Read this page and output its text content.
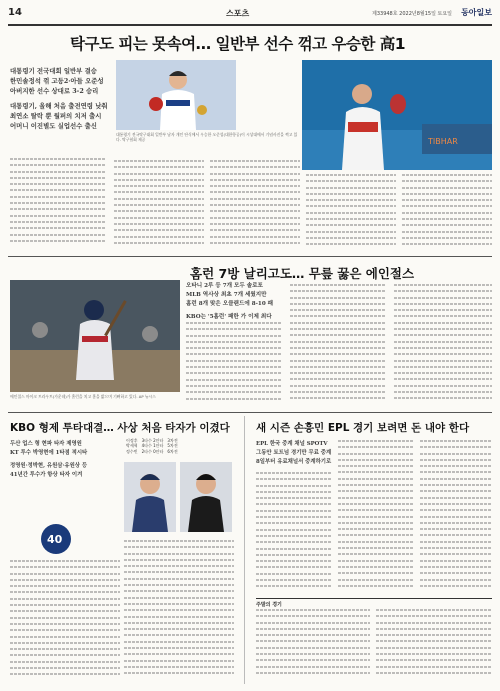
14	스포츠	제33948호 2022년8월15일 토요일 동아일보
탁구도 피는 못속여… 일반부 선수 꺾고 우승한 高1
대통령기 전국대회 일반부 결승
한민솔정석 꺾 고등2·아들 오준성
아버지한 선수 상대로 3-2 승리
대통령기, 올해 처음 출전연령 낮춰
최연소 탈락 뿐 월퍼의 치저 출시
어머니 이진별도 실업선수 출신
TIBHAR
대통령기 전국탁구대회 일반부 남자 개인 단식에서 우승한 오준성(대한항공)이 시상대에서 기념사진을 찍고 있다. 탁구협회 제공
홈런 7방 날리고도… 무릎 꿇은 에인절스
에인절스 마이크 트라우트(가운데)가 홈런을 치고 홈을 밟으며 기뻐하고 있다. AP 뉴시스
오타니 2루 등 7개 모두 솔로포
MLB 역사상 최초 7개 세웠지만
홈런 8개 맞은 오클랜드에 8-10 패
KBO는 '5홈런' 패한 가 이제 최다
KBO 형제 투타대결… 사상 처음 타자가 이겼다
두산 업스 형 현파 타자 제영원
KT 투수 박영현에 1타점 적시타
정영원·정박현, 유원삼·유원상 등
41년간 투수가 항상 타자 이겨
이정후	3타수 2안타	3차전
박세혁	4타수 1안타	5차전
정수빈	2타수 0안타	6차전
40
새 시즌 손흥민 EPL 경기 보려면 돈 내야 한다
EPL 한국 중계 채널 SPOTV
그동안 토트넘 경기만 무료 중계
8일부터 유료채널서 중계하기로
주말의 경기
